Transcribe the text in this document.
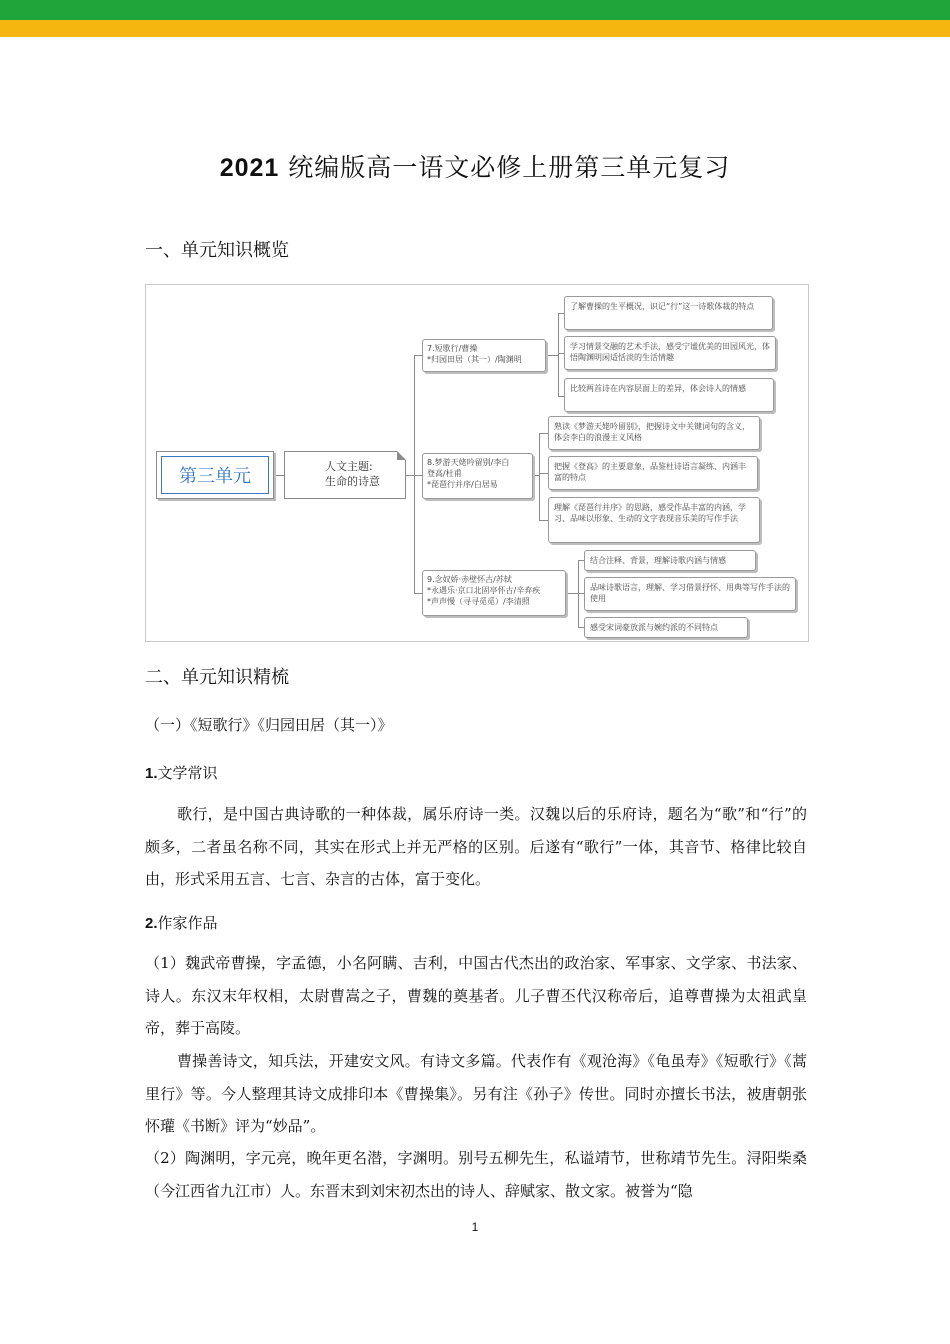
2021 统编版高一语文必修上册第三单元复习
一、单元知识概览
第三单元	人文主题:
生命的诗意
7.短歌行/曹操
*归园田居（其一）/陶渊明
8.梦游天姥吟留别/李白
登高/杜甫
*琵琶行并序/白居易
9.念奴娇·赤壁怀古/苏轼
*永遇乐·京口北固亭怀古/辛弃疾
*声声慢（寻寻觅觅）/李清照
了解曹操的生平概况，识记“行”这一诗歌体裁的特点
学习情景交融的艺术手法，感受宁谧优美的田园风光，体悟陶渊明闲适恬淡的生活情趣
比较两首诗在内容层面上的差异，体会诗人的情感
熟读《梦游天姥吟留别》，把握诗文中关键词句的含义，体会李白的浪漫主义风格
把握《登高》的主要意象，品鉴杜诗语言凝练、内涵丰富的特点
理解《琵琶行并序》的思路，感受作品丰富的内涵，学习、品味以形象、生动的文字表现音乐美的写作手法
结合注释、背景，理解诗歌内涵与情感
品味诗歌语言，理解、学习借景抒怀、用典等写作手法的使用
感受宋词豪放派与婉约派的不同特点
二、单元知识精梳
（一）《短歌行》《归园田居（其一）》
1.文学常识

歌行，是中国古典诗歌的一种体裁，属乐府诗一类。汉魏以后的乐府诗，题名为“歌”和“行”的颇多，二者虽名称不同，其实在形式上并无严格的区别。后遂有“歌行”一体，其音节、格律比较自由，形式采用五言、七言、杂言的古体，富于变化。

2.作家作品

（1）魏武帝曹操，字孟德，小名阿瞒、吉利，中国古代杰出的政治家、军事家、文学家、书法家、诗人。东汉末年权相，太尉曹嵩之子，曹魏的奠基者。儿子曹丕代汉称帝后，追尊曹操为太祖武皇帝，葬于高陵。

曹操善诗文，知兵法，开建安文风。有诗文多篇。代表作有《观沧海》《龟虽寿》《短歌行》《蒿里行》等。今人整理其诗文成排印本《曹操集》。另有注《孙子》传世。同时亦擅长书法，被唐朝张怀瓘《书断》评为“妙品”。

（2）陶渊明，字元亮，晚年更名潜，字渊明。别号五柳先生，私谥靖节，世称靖节先生。浔阳柴桑（今江西省九江市）人。东晋末到刘宋初杰出的诗人、辞赋家、散文家。被誉为“隐

1
